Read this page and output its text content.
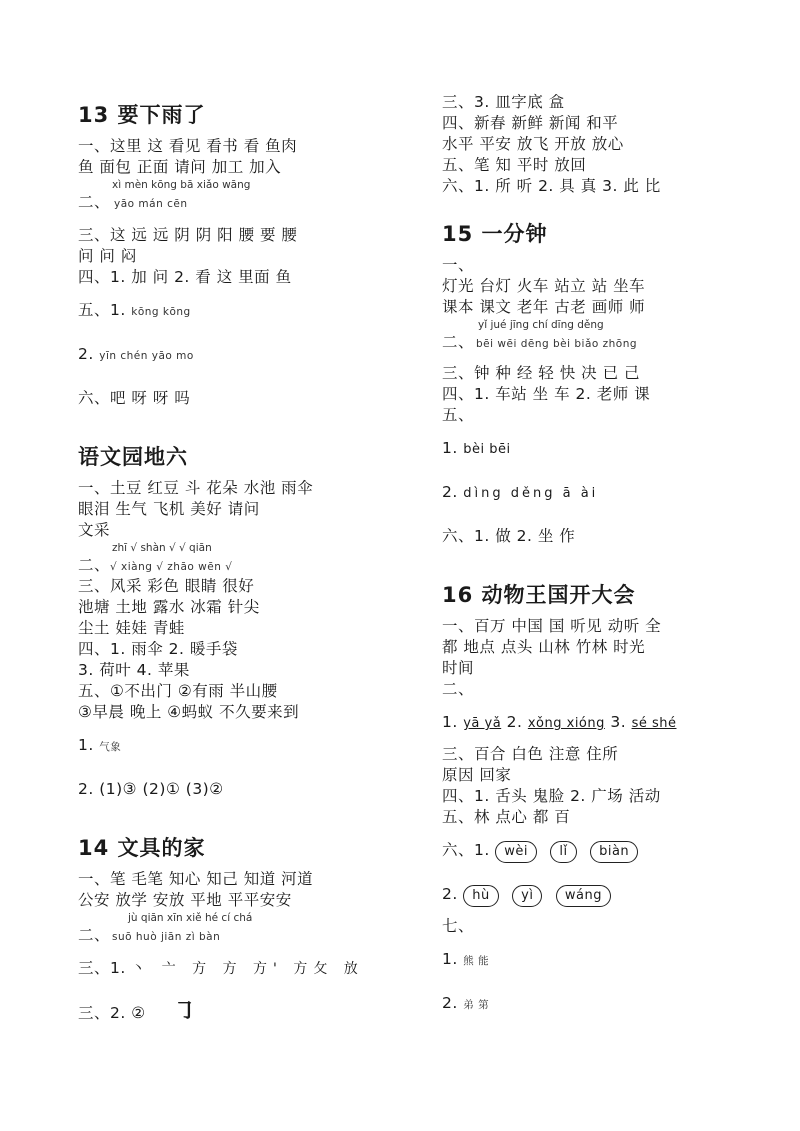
13 要下雨了
一、这里 这 看见 看书 看 鱼肉
鱼 面包 正面 请问 加工 加入
xì mèn kōng bā xiǎo wāng
二、 yāo mán cēn
三、这 远 远 阴 阴 阳 腰 要 腰
问 问 闷
四、1. 加 问 2. 看 这 里面 鱼
五、1. kōng kōng
2. yīn chén yāo mo
六、吧 呀 呀 吗
语文园地六
一、土豆 红豆 斗 花朵 水池 雨伞
眼泪 生气 飞机 美好 请问
文采
zhī √ shàn √ √ qiān
二、√ xiàng √ zhāo wēn √
三、风采 彩色 眼睛 很好
池塘 土地 露水 冰霜 针尖
尘土 娃娃 青蛙
四、1. 雨伞 2. 暖手袋
3. 荷叶 4. 苹果
五、①不出门 ②有雨 半山腰
③早晨 晚上 ④蚂蚁 不久要来到
1. 气象
2. (1)③ (2)① (3)②
14 文具的家
一、笔 毛笔 知心 知己 知道 河道
公安 放学 安放 平地 平平安安
jù qiān xīn xiě hé cí chá
二、 suō huò jiān zì bàn
三、1. 丶 亠 方 方 方' 方攵 放
三、2. ② ㇆
三、3. 皿字底 盒
四、新春 新鲜 新闻 和平
水平 平安 放飞 开放 放心
五、笔 知 平时 放回
六、1. 所 听 2. 具 真 3. 此 比
15 一分钟
一、
灯光 台灯 火车 站立 站 坐车
课本 课文 老年 古老 画师 师
yǐ jué jīng chí dīng děng
二、 bēi wēi dēng bèi biǎo zhōng
三、钟 种 经 轻 快 决 已 己
四、1. 车站 坐 车 2. 老师 课
五、
1. bèi bēi
2. dìng děng ā ài
六、1. 做 2. 坐 作
16 动物王国开大会
一、百万 中国 国 听见 动听 全
都 地点 点头 山林 竹林 时光
时间
二、
1. yā yǎ 2. xǒng xióng 3. sé shé
三、百合 白色 注意 住所
原因 回家
四、1. 舌头 鬼脸 2. 广场 活动
五、林 点心 都 百
六、1. wèi lǐ biàn
2. hù yì wáng
七、
1. 熊 能
2. 弟 第
